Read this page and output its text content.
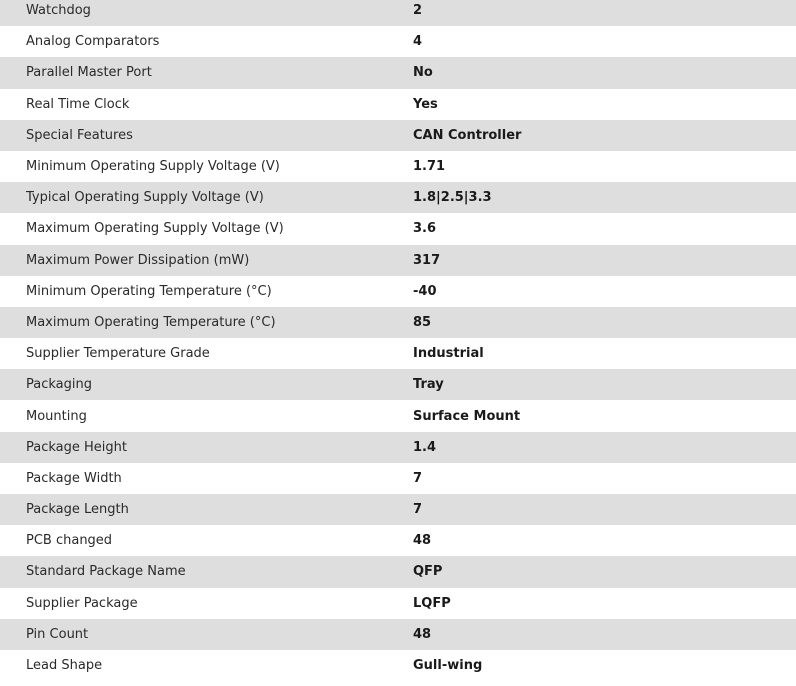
Watchdog	2
Analog Comparators	4
Parallel Master Port	No
Real Time Clock	Yes
Special Features	CAN Controller
Minimum Operating Supply Voltage (V)	1.71
Typical Operating Supply Voltage (V)	1.8|2.5|3.3
Maximum Operating Supply Voltage (V)	3.6
Maximum Power Dissipation (mW)	317
Minimum Operating Temperature (°C)	-40
Maximum Operating Temperature (°C)	85
Supplier Temperature Grade	Industrial
Packaging	Tray
Mounting	Surface Mount
Package Height	1.4
Package Width	7
Package Length	7
PCB changed	48
Standard Package Name	QFP
Supplier Package	LQFP
Pin Count	48
Lead Shape	Gull-wing
